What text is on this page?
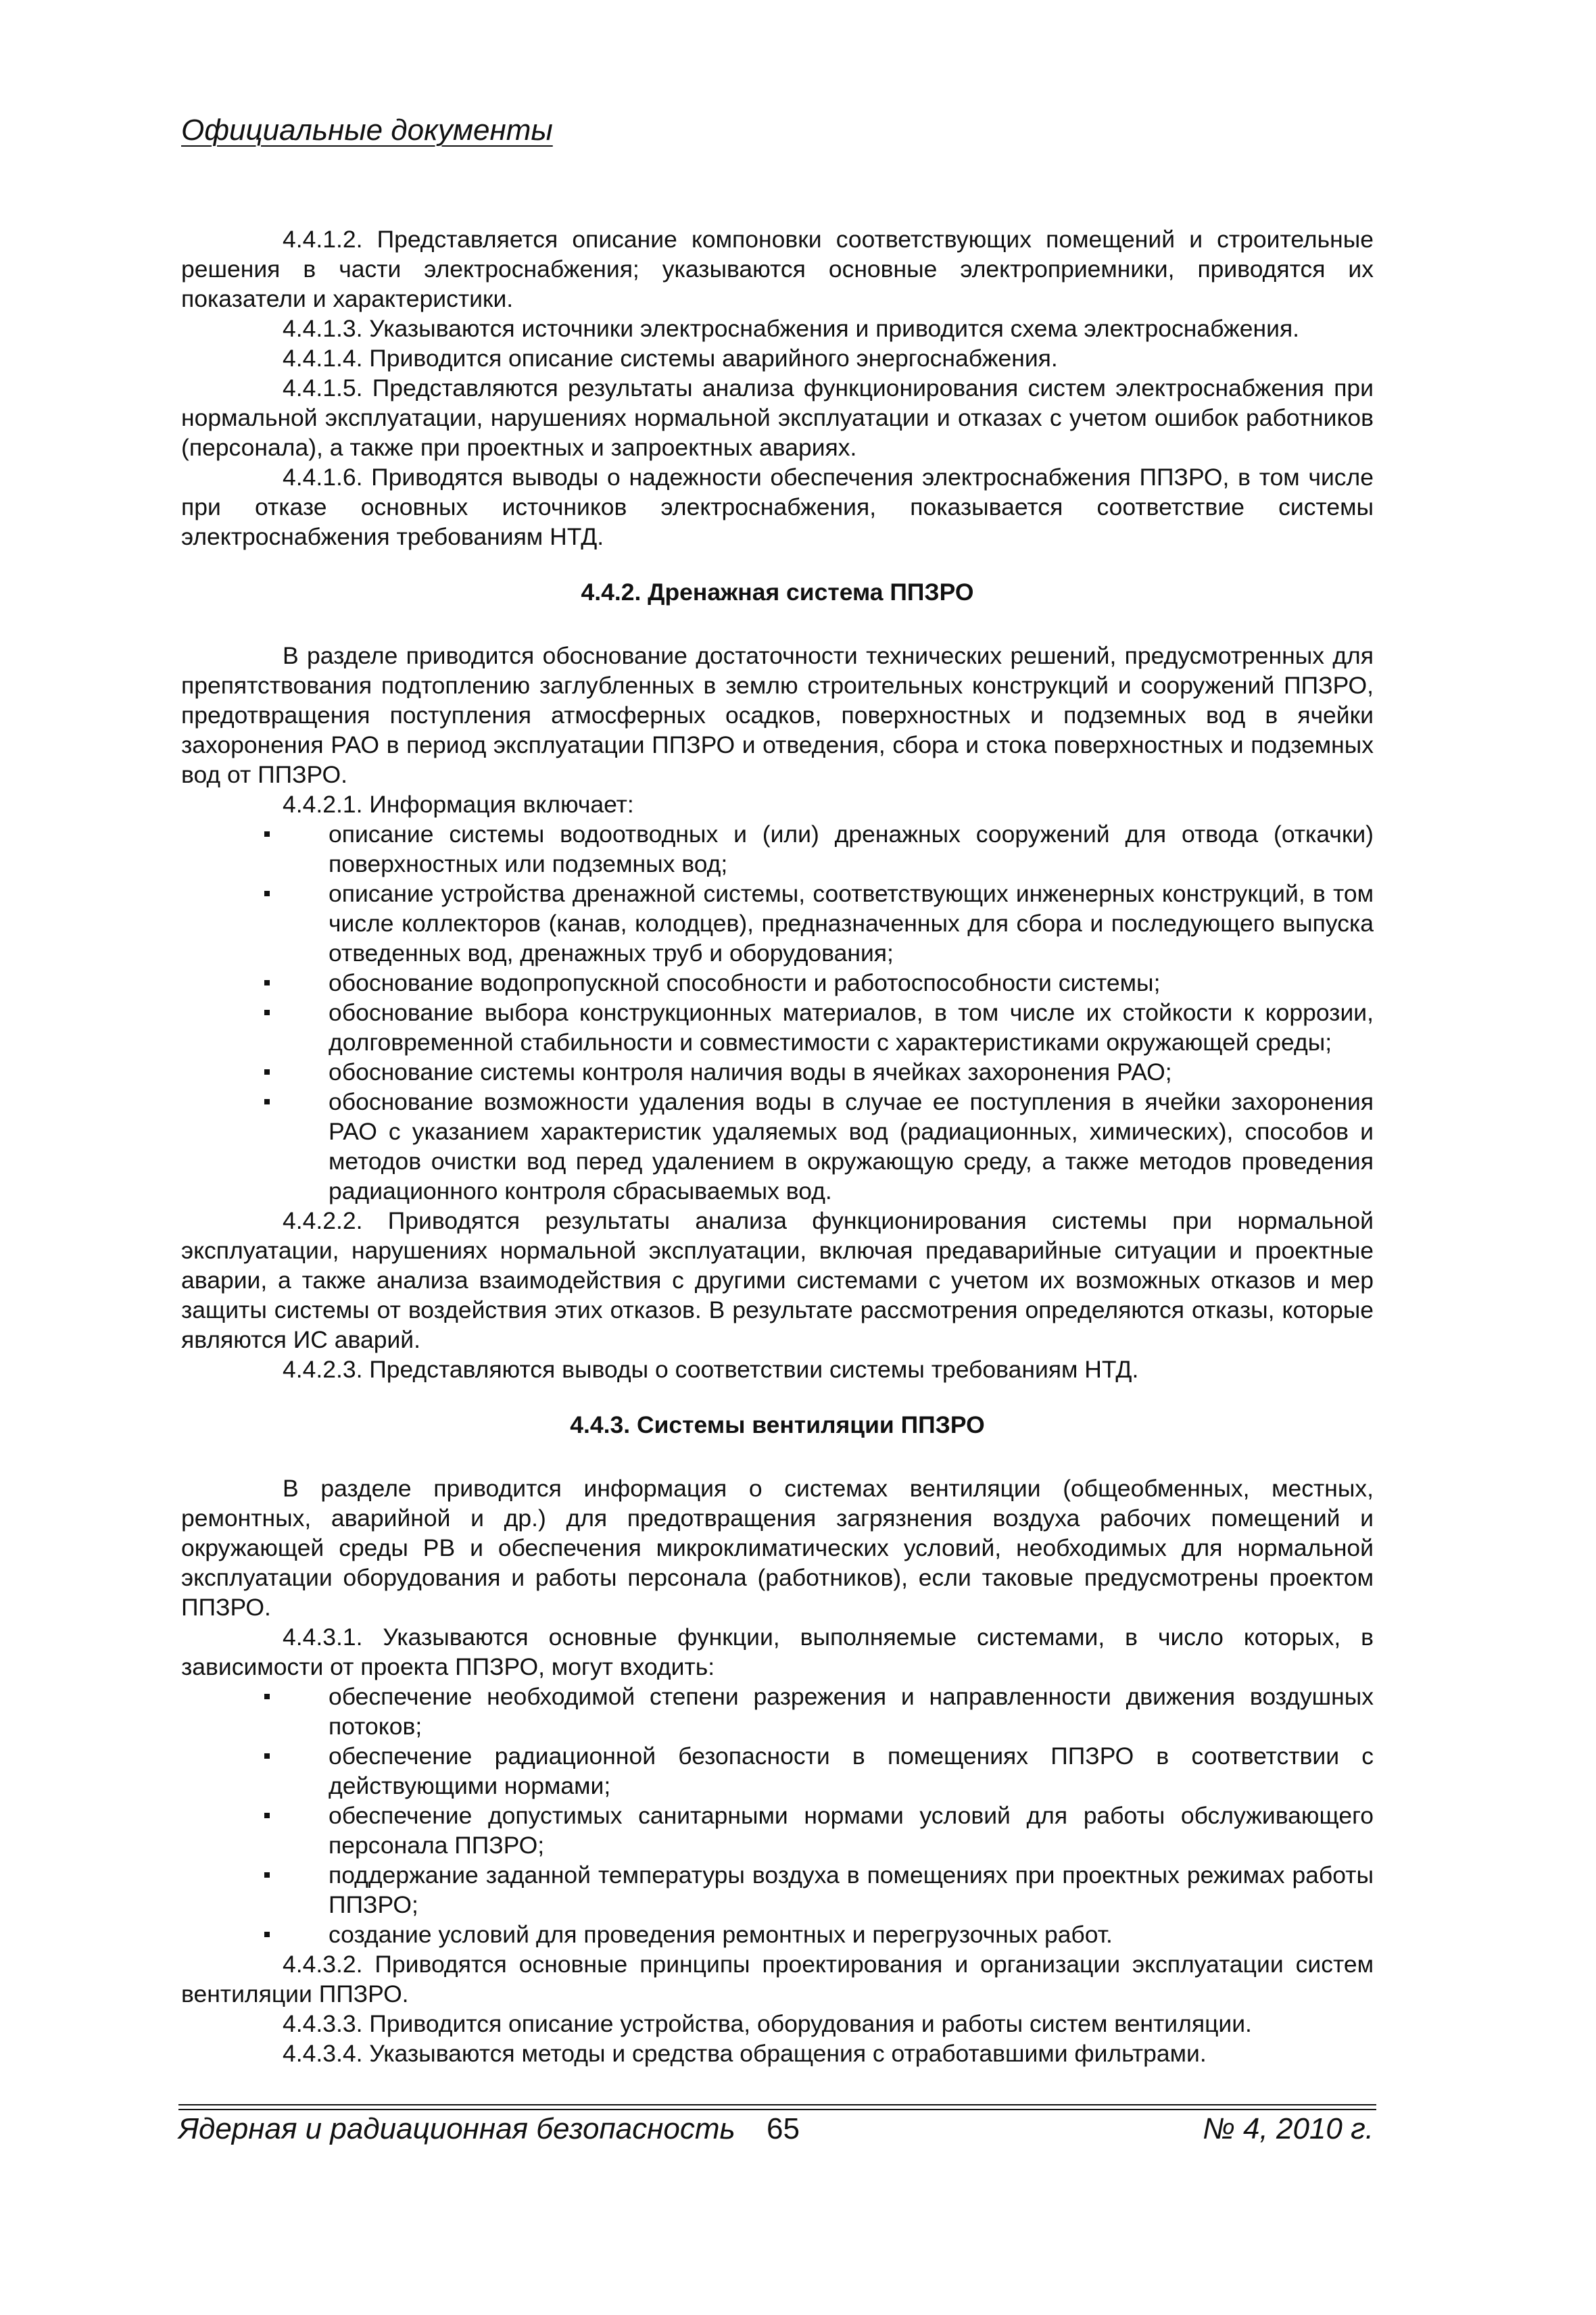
Официальные документы

4.4.1.2. Представляется описание компоновки соответствующих помещений и строительные решения в части электроснабжения; указываются основные электроприемники, приводятся их показатели и характеристики.

4.4.1.3. Указываются источники электроснабжения и приводится схема электроснабжения.

4.4.1.4. Приводится описание системы аварийного энергоснабжения.

4.4.1.5. Представляются результаты анализа функционирования систем электроснабжения при нормальной эксплуатации, нарушениях нормальной эксплуатации и отказах с учетом ошибок работников (персонала), а также при проектных и запроектных авариях.

4.4.1.6. Приводятся выводы о надежности обеспечения электроснабжения ППЗРО, в том числе при отказе основных источников электроснабжения, показывается соответствие системы электроснабжения требованиям НТД.

4.4.2. Дренажная система ППЗРО

В разделе приводится обоснование достаточности технических решений, предусмотренных для препятствования подтоплению заглубленных в землю строительных конструкций и сооружений ППЗРО, предотвращения поступления атмосферных осадков, поверхностных и подземных вод в ячейки захоронения РАО в период эксплуатации ППЗРО и отведения, сбора и стока поверхностных и подземных вод от ППЗРО.

4.4.2.1. Информация включает:

описание системы водоотводных и (или) дренажных сооружений для отвода (откачки) поверхностных или подземных вод;
описание устройства дренажной системы, соответствующих инженерных конструкций, в том числе коллекторов (канав, колодцев), предназначенных для сбора и последующего выпуска отведенных вод, дренажных труб и оборудования;
обоснование водопропускной способности и работоспособности системы;
обоснование выбора конструкционных материалов, в том числе их стойкости к коррозии, долговременной стабильности и совместимости с характеристиками окружающей среды;
обоснование системы контроля наличия воды в ячейках захоронения РАО;
обоснование возможности удаления воды в случае ее поступления в ячейки захоронения РАО с указанием характеристик удаляемых вод (радиационных, химических), способов и методов очистки вод перед удалением в окружающую среду, а также методов проведения радиационного контроля сбрасываемых вод.

4.4.2.2. Приводятся результаты анализа функционирования системы при нормальной эксплуатации, нарушениях нормальной эксплуатации, включая предаварийные ситуации и проектные аварии, а также анализа взаимодействия с другими системами с учетом их возможных отказов и мер защиты системы от воздействия этих отказов. В результате рассмотрения определяются отказы, которые являются ИС аварий.

4.4.2.3. Представляются выводы о соответствии системы требованиям НТД.

4.4.3. Системы вентиляции ППЗРО

В разделе приводится информация о системах вентиляции (общеобменных, местных, ремонтных, аварийной и др.) для предотвращения загрязнения воздуха рабочих помещений и окружающей среды РВ и обеспечения микроклиматических условий, необходимых для нормальной эксплуатации оборудования и работы персонала (работников), если таковые предусмотрены проектом ППЗРО.

4.4.3.1. Указываются основные функции, выполняемые системами, в число которых, в зависимости от проекта ППЗРО, могут входить:

обеспечение необходимой степени разрежения и направленности движения воздушных потоков;
обеспечение радиационной безопасности в помещениях ППЗРО в соответствии с действующими нормами;
обеспечение допустимых санитарными нормами условий для работы обслуживающего персонала ППЗРО;
поддержание заданной температуры воздуха в помещениях при проектных режимах работы ППЗРО;
создание условий для проведения ремонтных и перегрузочных работ.

4.4.3.2. Приводятся основные принципы проектирования и организации эксплуатации систем вентиляции ППЗРО.

4.4.3.3. Приводится описание устройства, оборудования и работы систем вентиляции.

4.4.3.4. Указываются методы и средства обращения с отработавшими фильтрами.

Ядерная и радиационная безопасность 65	№ 4, 2010 г.
